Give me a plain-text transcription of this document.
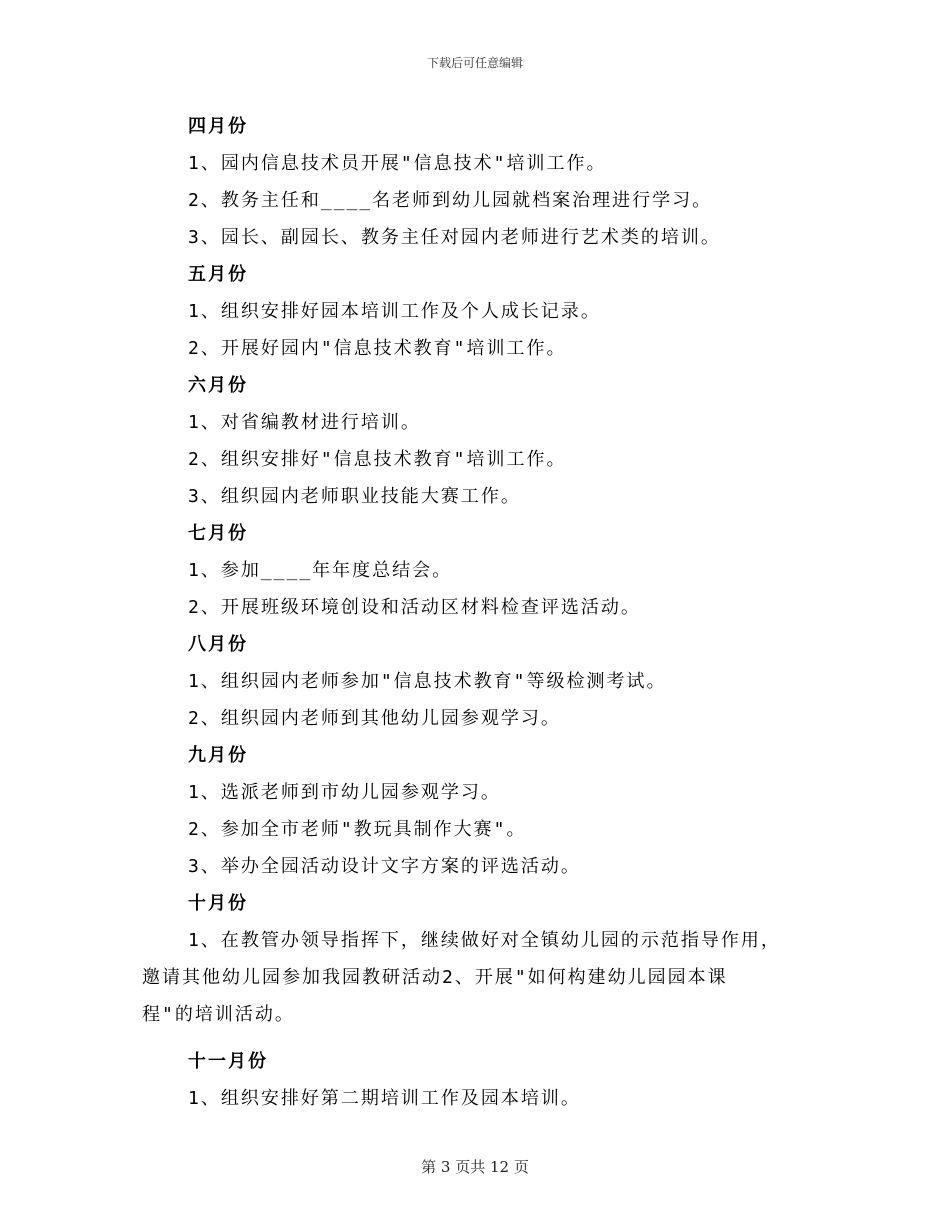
下载后可任意编辑
四月份
1、园内信息技术员开展"信息技术"培训工作。
2、教务主任和____名老师到幼儿园就档案治理进行学习。
3、园长、副园长、教务主任对园内老师进行艺术类的培训。
五月份
1、组织安排好园本培训工作及个人成长记录。
2、开展好园内"信息技术教育"培训工作。
六月份
1、对省编教材进行培训。
2、组织安排好"信息技术教育"培训工作。
3、组织园内老师职业技能大赛工作。
七月份
1、参加____年年度总结会。
2、开展班级环境创设和活动区材料检查评选活动。
八月份
1、组织园内老师参加"信息技术教育"等级检测考试。
2、组织园内老师到其他幼儿园参观学习。
九月份
1、选派老师到市幼儿园参观学习。
2、参加全市老师"教玩具制作大赛"。
3、举办全园活动设计文字方案的评选活动。
十月份
1、在教管办领导指挥下，继续做好对全镇幼儿园的示范指导作用，
邀请其他幼儿园参加我园教研活动2、开展"如何构建幼儿园园本课
程"的培训活动。
十一月份
1、组织安排好第二期培训工作及园本培训。
第 3 页共 12 页
